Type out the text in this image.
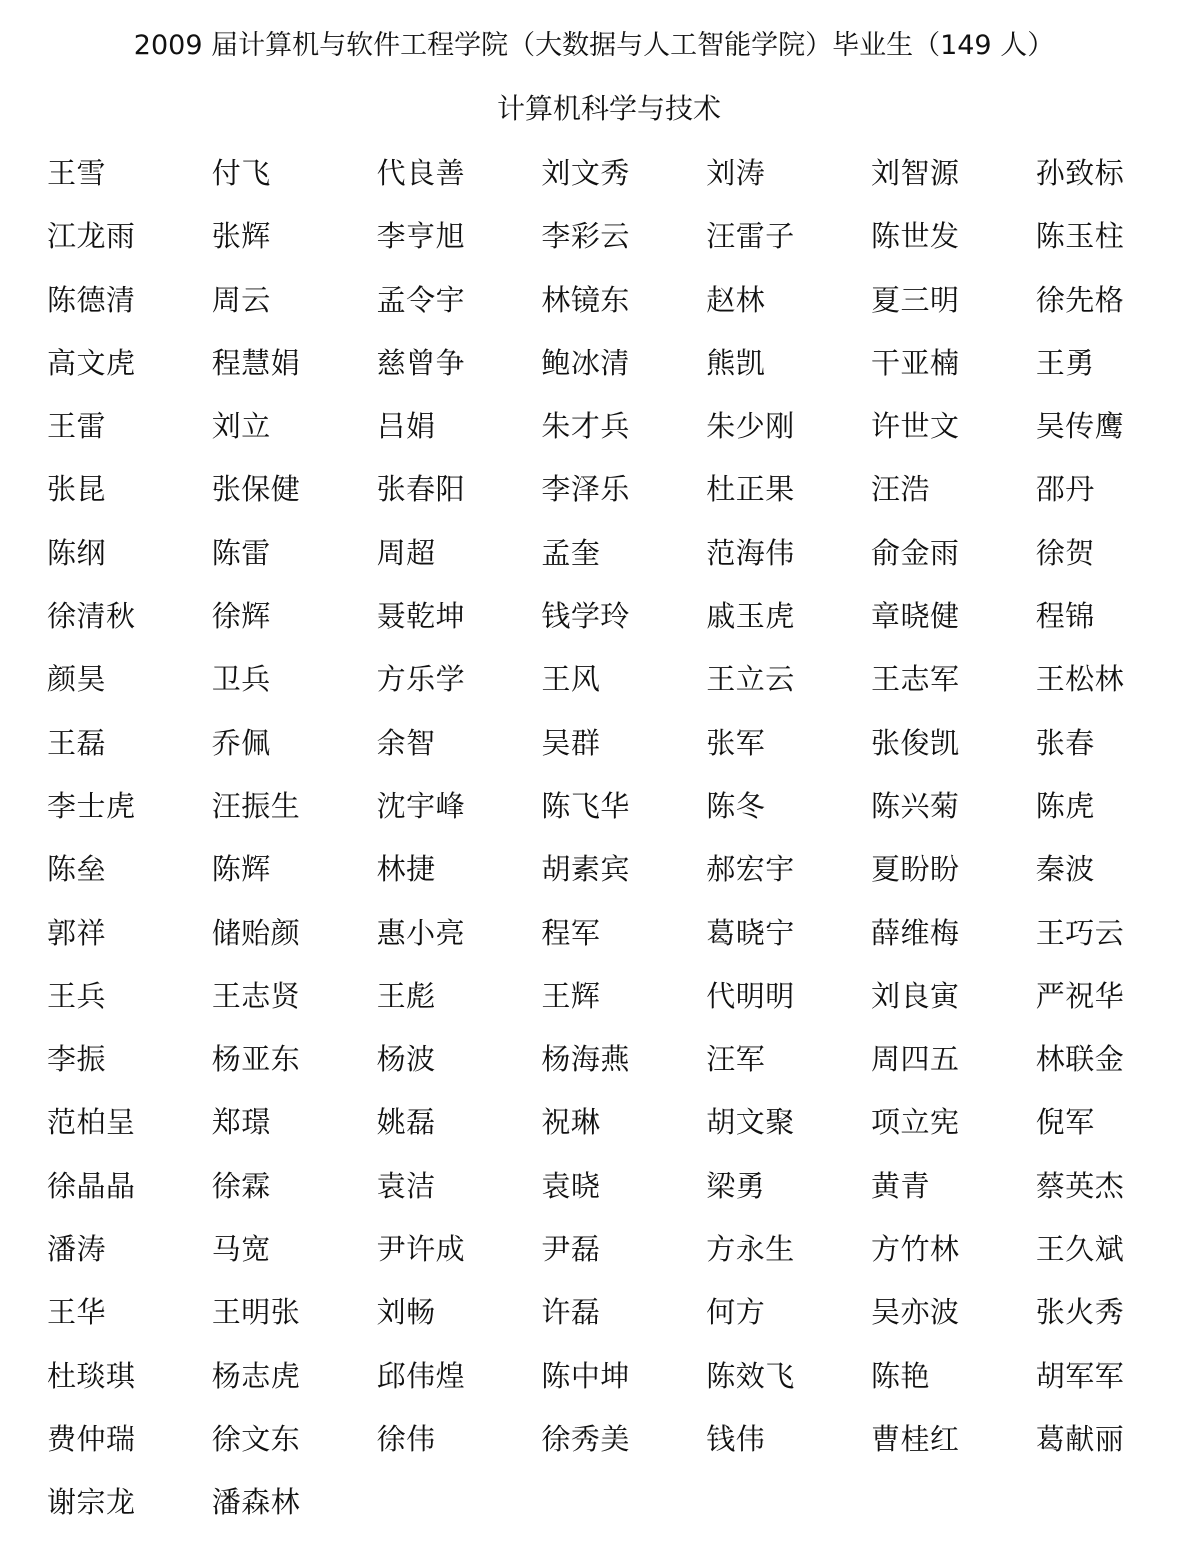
2009 届计算机与软件工程学院（大数据与人工智能学院）毕业生（149 人）
计算机科学与技术
王雪	付飞	代良善	刘文秀	刘涛	刘智源	孙致标
江龙雨	张辉	李亨旭	李彩云	汪雷子	陈世发	陈玉柱
陈德清	周云	孟令宇	林镜东	赵林	夏三明	徐先格
高文虎	程慧娟	慈曾争	鲍冰清	熊凯	干亚楠	王勇
王雷	刘立	吕娟	朱才兵	朱少刚	许世文	吴传鹰
张昆	张保健	张春阳	李泽乐	杜正果	汪浩	邵丹
陈纲	陈雷	周超	孟奎	范海伟	俞金雨	徐贺
徐清秋	徐辉	聂乾坤	钱学玲	戚玉虎	章晓健	程锦
颜昊	卫兵	方乐学	王风	王立云	王志军	王松林
王磊	乔佩	余智	吴群	张军	张俊凯	张春
李士虎	汪振生	沈宇峰	陈飞华	陈冬	陈兴菊	陈虎
陈垒	陈辉	林捷	胡素宾	郝宏宇	夏盼盼	秦波
郭祥	储贻颜	惠小亮	程军	葛晓宁	薛维梅	王巧云
王兵	王志贤	王彪	王辉	代明明	刘良寅	严祝华
李振	杨亚东	杨波	杨海燕	汪军	周四五	林联金
范柏呈	郑璟	姚磊	祝琳	胡文聚	项立宪	倪军
徐晶晶	徐霖	袁洁	袁晓	梁勇	黄青	蔡英杰
潘涛	马宽	尹许成	尹磊	方永生	方竹林	王久斌
王华	王明张	刘畅	许磊	何方	吴亦波	张火秀
杜琰琪	杨志虎	邱伟煌	陈中坤	陈效飞	陈艳	胡军军
费仲瑞	徐文东	徐伟	徐秀美	钱伟	曹桂红	葛献丽
谢宗龙	潘森林
